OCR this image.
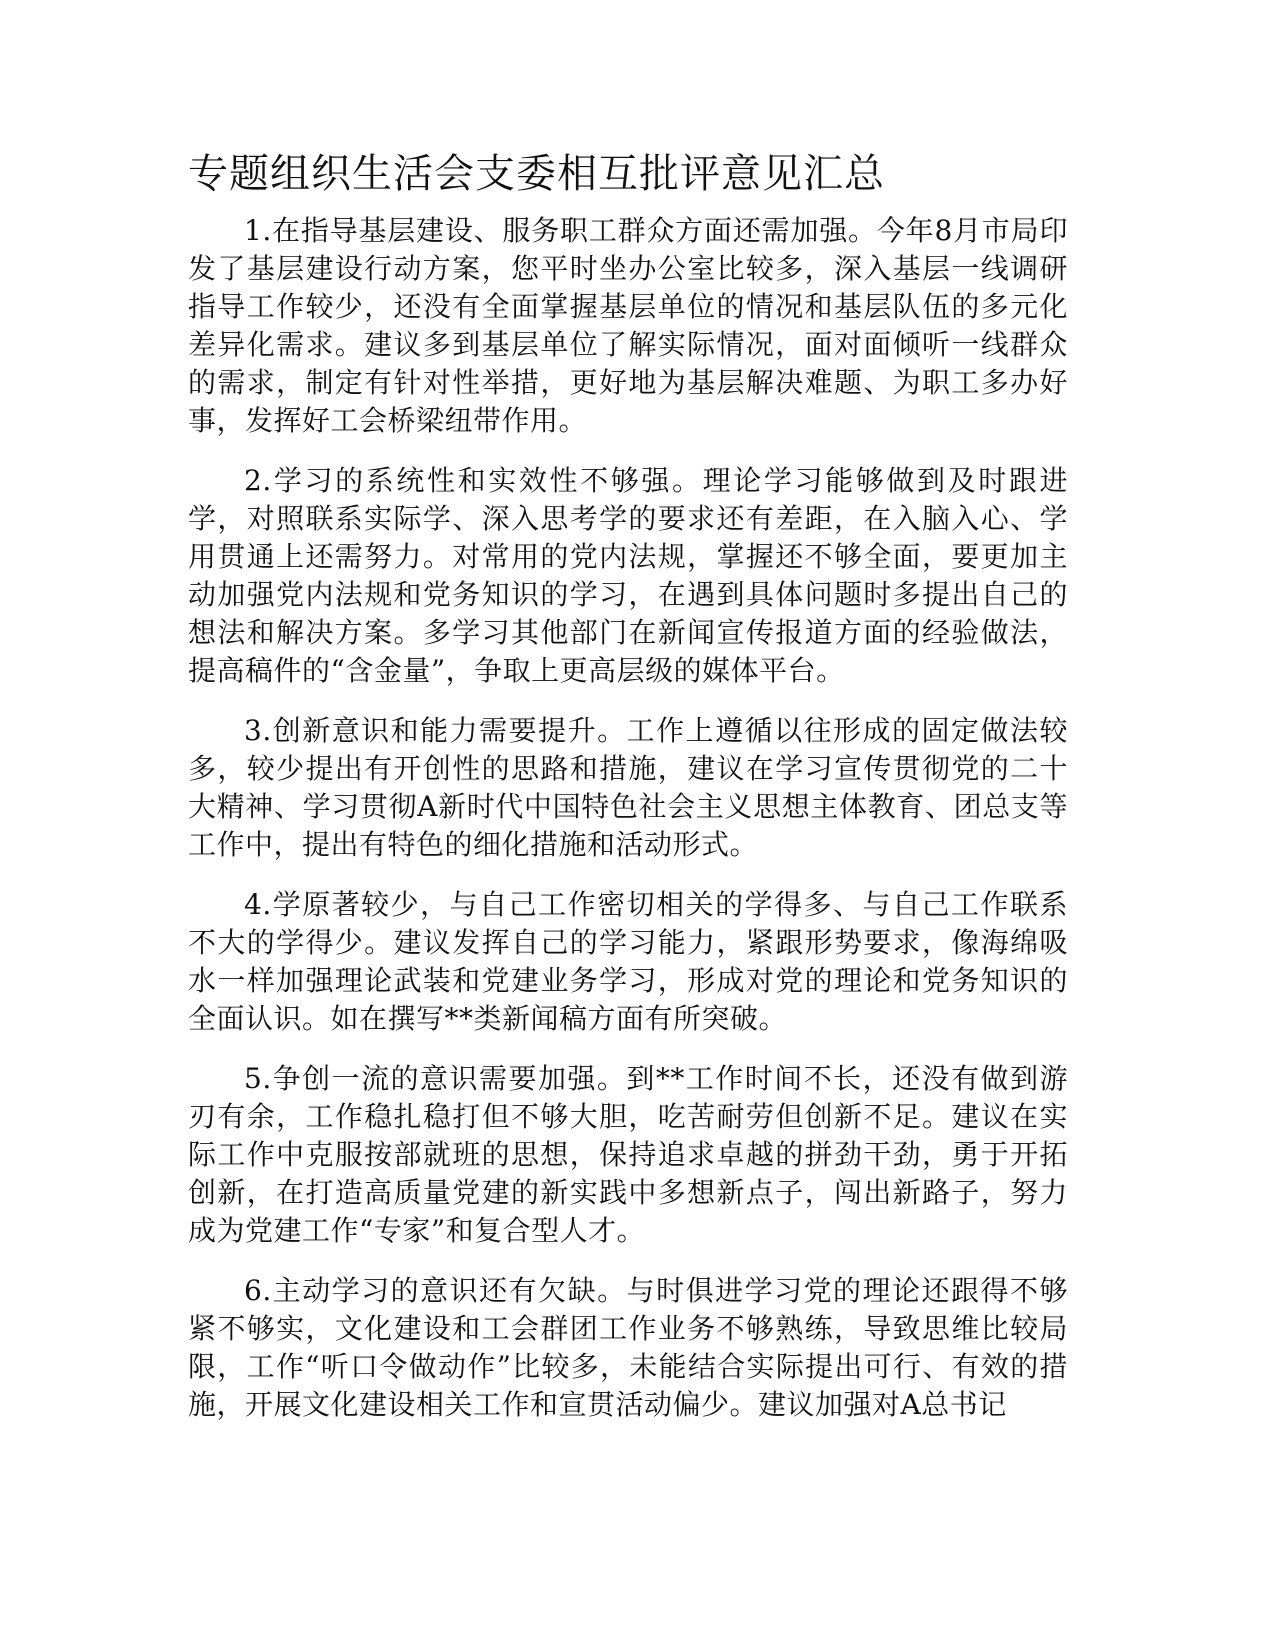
专题组织生活会支委相互批评意见汇总

1.在指导基层建设、服务职工群众方面还需加强。今年8月市局印发了基层建设行动方案，您平时坐办公室比较多，深入基层一线调研指导工作较少，还没有全面掌握基层单位的情况和基层队伍的多元化差异化需求。建议多到基层单位了解实际情况，面对面倾听一线群众的需求，制定有针对性举措，更好地为基层解决难题、为职工多办好事，发挥好工会桥梁纽带作用。

2.学习的系统性和实效性不够强。理论学习能够做到及时跟进学，对照联系实际学、深入思考学的要求还有差距，在入脑入心、学用贯通上还需努力。对常用的党内法规，掌握还不够全面，要更加主动加强党内法规和党务知识的学习，在遇到具体问题时多提出自己的想法和解决方案。多学习其他部门在新闻宣传报道方面的经验做法，提高稿件的“含金量”，争取上更高层级的媒体平台。

3.创新意识和能力需要提升。工作上遵循以往形成的固定做法较多，较少提出有开创性的思路和措施，建议在学习宣传贯彻党的二十大精神、学习贯彻A新时代中国特色社会主义思想主体教育、团总支等工作中，提出有特色的细化措施和活动形式。

4.学原著较少，与自己工作密切相关的学得多、与自己工作联系不大的学得少。建议发挥自己的学习能力，紧跟形势要求，像海绵吸水一样加强理论武装和党建业务学习，形成对党的理论和党务知识的全面认识。如在撰写**类新闻稿方面有所突破。

5.争创一流的意识需要加强。到**工作时间不长，还没有做到游刃有余，工作稳扎稳打但不够大胆，吃苦耐劳但创新不足。建议在实际工作中克服按部就班的思想，保持追求卓越的拼劲干劲，勇于开拓创新，在打造高质量党建的新实践中多想新点子，闯出新路子，努力成为党建工作“专家”和复合型人才。

6.主动学习的意识还有欠缺。与时俱进学习党的理论还跟得不够紧不够实，文化建设和工会群团工作业务不够熟练，导致思维比较局限，工作“听口令做动作”比较多，未能结合实际提出可行、有效的措施，开展文化建设相关工作和宣贯活动偏少。建议加强对A总书记
